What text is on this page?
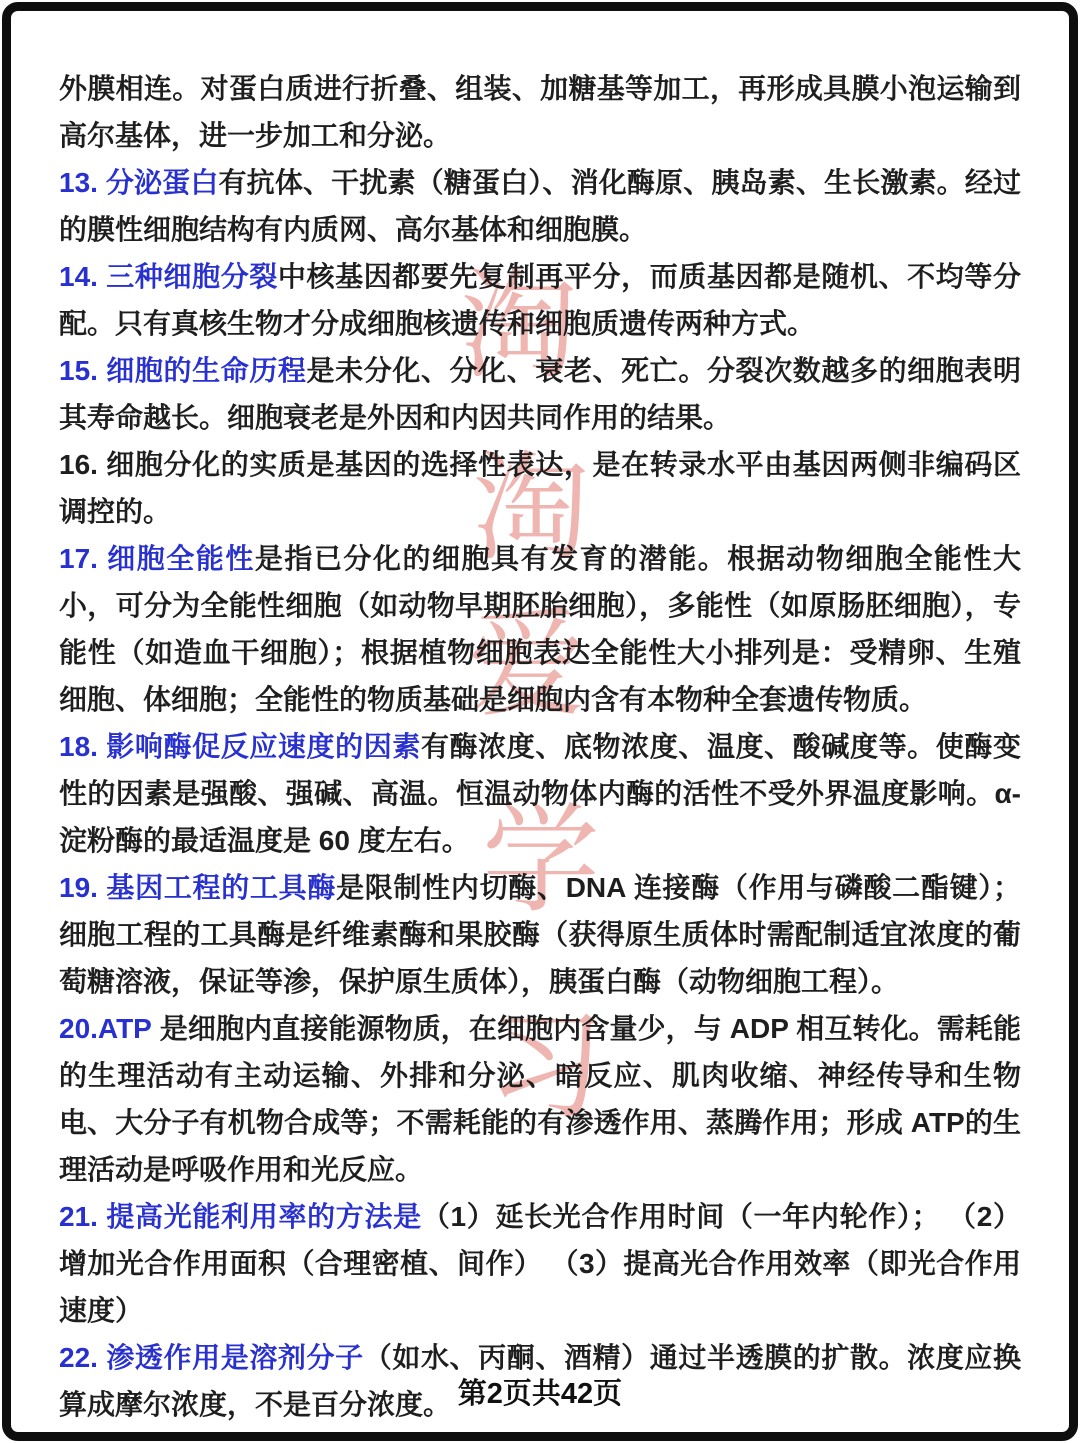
淘
淘
爱
学
习

外膜相连。对蛋白质进行折叠、组装、加糖基等加工，再形成具膜小泡运输到高尔基体，进一步加工和分泌。

13. 分泌蛋白有抗体、干扰素（糖蛋白）、消化酶原、胰岛素、生长激素。经过的膜性细胞结构有内质网、高尔基体和细胞膜。

14. 三种细胞分裂中核基因都要先复制再平分，而质基因都是随机、不均等分配。只有真核生物才分成细胞核遗传和细胞质遗传两种方式。

15. 细胞的生命历程是未分化、分化、衰老、死亡。分裂次数越多的细胞表明其寿命越长。细胞衰老是外因和内因共同作用的结果。

16. 细胞分化的实质是基因的选择性表达，是在转录水平由基因两侧非编码区调控的。

17. 细胞全能性是指已分化的细胞具有发育的潜能。根据动物细胞全能性大小，可分为全能性细胞（如动物早期胚胎细胞），多能性（如原肠胚细胞），专能性（如造血干细胞）；根据植物细胞表达全能性大小排列是：受精卵、生殖细胞、体细胞；全能性的物质基础是细胞内含有本物种全套遗传物质。

18. 影响酶促反应速度的因素有酶浓度、底物浓度、温度、酸碱度等。使酶变性的因素是强酸、强碱、高温。恒温动物体内酶的活性不受外界温度影响。α-淀粉酶的最适温度是 60 度左右。

19. 基因工程的工具酶是限制性内切酶、DNA 连接酶（作用与磷酸二酯键）；细胞工程的工具酶是纤维素酶和果胶酶（获得原生质体时需配制适宜浓度的葡萄糖溶液，保证等渗，保护原生质体），胰蛋白酶（动物细胞工程）。

20.ATP 是细胞内直接能源物质，在细胞内含量少，与 ADP 相互转化。需耗能的生理活动有主动运输、外排和分泌、暗反应、肌肉收缩、神经传导和生物电、大分子有机物合成等；不需耗能的有渗透作用、蒸腾作用；形成 ATP的生理活动是呼吸作用和光反应。

21. 提高光能利用率的方法是（1）延长光合作用时间（一年内轮作）； （2）增加光合作用面积（合理密植、间作） （3）提高光合作用效率（即光合作用速度）

22. 渗透作用是溶剂分子（如水、丙酮、酒精）通过半透膜的扩散。浓度应换算成摩尔浓度，不是百分浓度。 第2页共42页
